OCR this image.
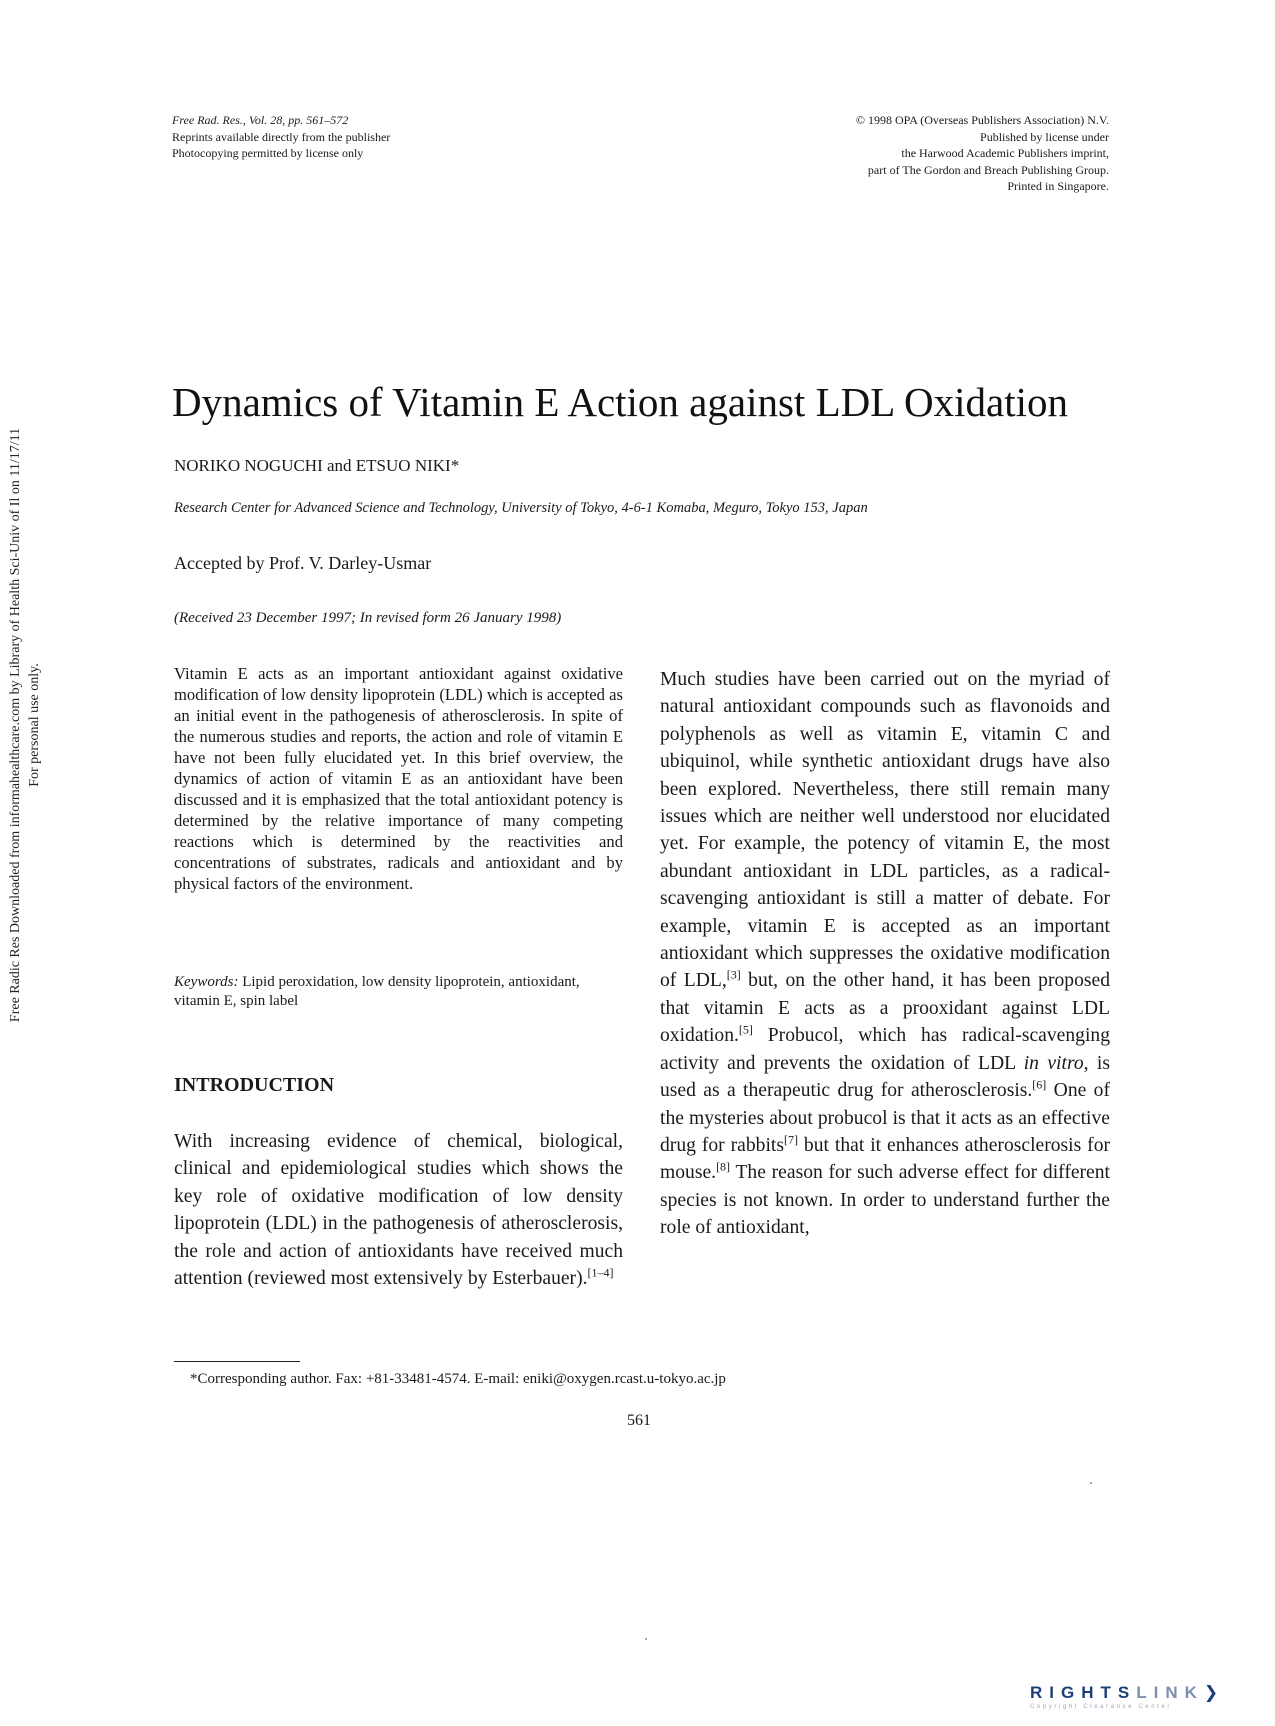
Free Rad. Res., Vol. 28, pp. 561–572
Reprints available directly from the publisher
Photocopying permitted by license only
© 1998 OPA (Overseas Publishers Association) N.V.
Published by license under
the Harwood Academic Publishers imprint,
part of The Gordon and Breach Publishing Group.
Printed in Singapore.
Free Radic Res Downloaded from informahealthcare.com by Library of Health Sci-Univ of Il on 11/17/11 For personal use only.
Dynamics of Vitamin E Action against LDL Oxidation
NORIKO NOGUCHI and ETSUO NIKI*
Research Center for Advanced Science and Technology, University of Tokyo, 4-6-1 Komaba, Meguro, Tokyo 153, Japan
Accepted by Prof. V. Darley-Usmar
(Received 23 December 1997; In revised form 26 January 1998)
Vitamin E acts as an important antioxidant against oxidative modification of low density lipoprotein (LDL) which is accepted as an initial event in the pathogenesis of atherosclerosis. In spite of the numerous studies and reports, the action and role of vitamin E have not been fully elucidated yet. In this brief overview, the dynamics of action of vitamin E as an antioxidant have been discussed and it is emphasized that the total antioxidant potency is determined by the relative importance of many competing reactions which is determined by the reactivities and concentrations of substrates, radicals and antioxidant and by physical factors of the environment.
Keywords: Lipid peroxidation, low density lipoprotein, antioxidant, vitamin E, spin label
INTRODUCTION

With increasing evidence of chemical, biological, clinical and epidemiological studies which shows the key role of oxidative modification of low density lipoprotein (LDL) in the pathogenesis of atherosclerosis, the role and action of antioxidants have received much attention (reviewed most extensively by Esterbauer).[1–4]

Much studies have been carried out on the myriad of natural antioxidant compounds such as flavonoids and polyphenols as well as vitamin E, vitamin C and ubiquinol, while synthetic antioxidant drugs have also been explored. Nevertheless, there still remain many issues which are neither well understood nor elucidated yet. For example, the potency of vitamin E, the most abundant antioxidant in LDL particles, as a radical-scavenging antioxidant is still a matter of debate. For example, vitamin E is accepted as an important antioxidant which suppresses the oxidative modification of LDL,[3] but, on the other hand, it has been proposed that vitamin E acts as a prooxidant against LDL oxidation.[5] Probucol, which has radical-scavenging activity and prevents the oxidation of LDL in vitro, is used as a therapeutic drug for atherosclerosis.[6] One of the mysteries about probucol is that it acts as an effective drug for rabbits[7] but that it enhances atherosclerosis for mouse.[8] The reason for such adverse effect for different species is not known. In order to understand further the role of antioxidant,

*Corresponding author. Fax: +81-33481-4574. E-mail: eniki@oxygen.rcast.u-tokyo.ac.jp
561
RIGHTSLINK❯
Copyright Clearance Center
